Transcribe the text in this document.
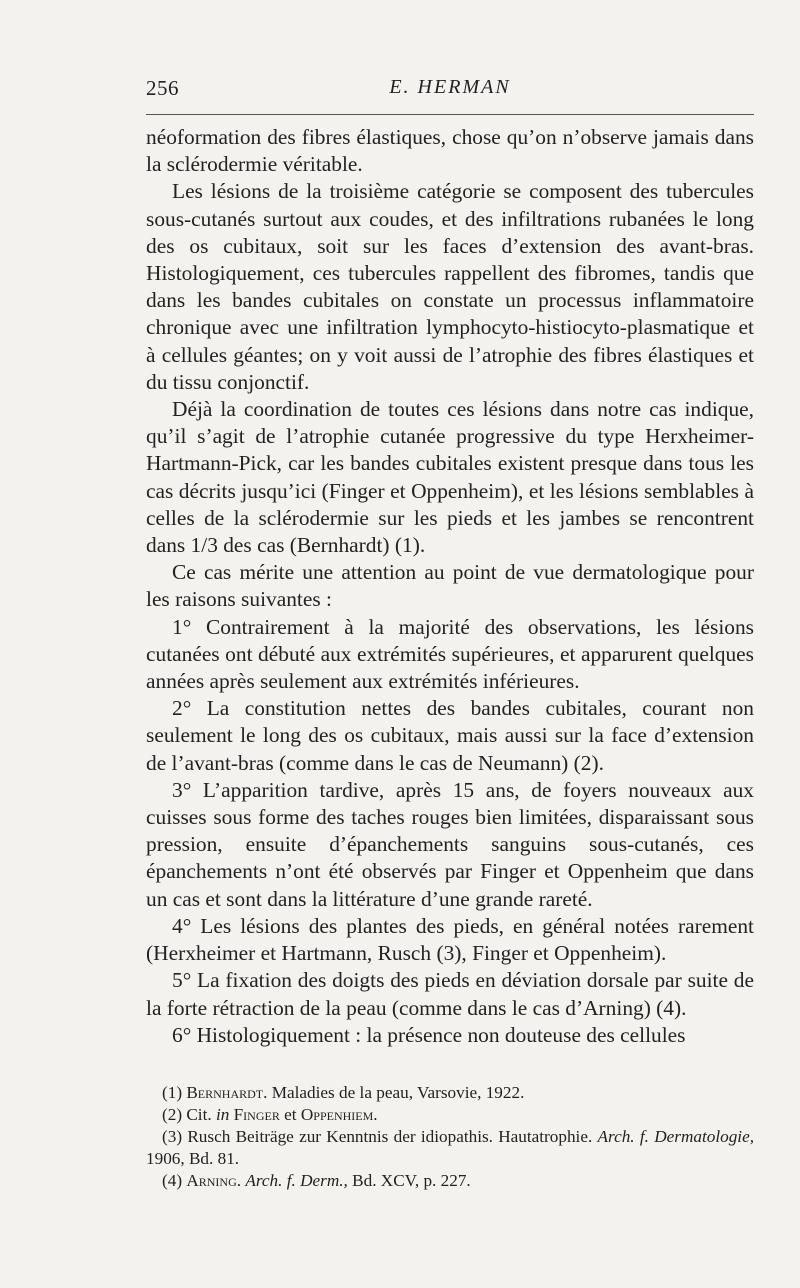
256	E. HERMAN

néoformation des fibres élastiques, chose qu’on n’observe jamais dans la sclérodermie véritable.

Les lésions de la troisième catégorie se composent des tubercules sous-cutanés surtout aux coudes, et des infiltrations rubanées le long des os cubitaux, soit sur les faces d’extension des avant-bras. Histologiquement, ces tubercules rappellent des fibromes, tandis que dans les bandes cubitales on constate un processus inflammatoire chronique avec une infiltration lymphocyto-histiocyto-plasmatique et à cellules géantes; on y voit aussi de l’atrophie des fibres élastiques et du tissu conjonctif.

Déjà la coordination de toutes ces lésions dans notre cas indique, qu’il s’agit de l’atrophie cutanée progressive du type Herxheimer-Hartmann-Pick, car les bandes cubitales existent presque dans tous les cas décrits jusqu’ici (Finger et Oppenheim), et les lésions semblables à celles de la sclérodermie sur les pieds et les jambes se rencontrent dans 1/3 des cas (Bernhardt) (1).

Ce cas mérite une attention au point de vue dermatologique pour les raisons suivantes :

1° Contrairement à la majorité des observations, les lésions cutanées ont débuté aux extrémités supérieures, et apparurent quelques années après seulement aux extrémités inférieures.

2° La constitution nettes des bandes cubitales, courant non seulement le long des os cubitaux, mais aussi sur la face d’extension de l’avant-bras (comme dans le cas de Neumann) (2).

3° L’apparition tardive, après 15 ans, de foyers nouveaux aux cuisses sous forme des taches rouges bien limitées, disparaissant sous pression, ensuite d’épanchements sanguins sous-cutanés, ces épanchements n’ont été observés par Finger et Oppenheim que dans un cas et sont dans la littérature d’une grande rareté.

4° Les lésions des plantes des pieds, en général notées rarement (Herxheimer et Hartmann, Rusch (3), Finger et Oppenheim).

5° La fixation des doigts des pieds en déviation dorsale par suite de la forte rétraction de la peau (comme dans le cas d’Arning) (4).

6° Histologiquement : la présence non douteuse des cellules

(1) Bernhardt. Maladies de la peau, Varsovie, 1922.

(2) Cit. in Finger et Oppenhiem.

(3) Rusch Beiträge zur Kenntnis der idiopathis. Hautatrophie. Arch. f. Dermatologie, 1906, Bd. 81.

(4) Arning. Arch. f. Derm., Bd. XCV, p. 227.
